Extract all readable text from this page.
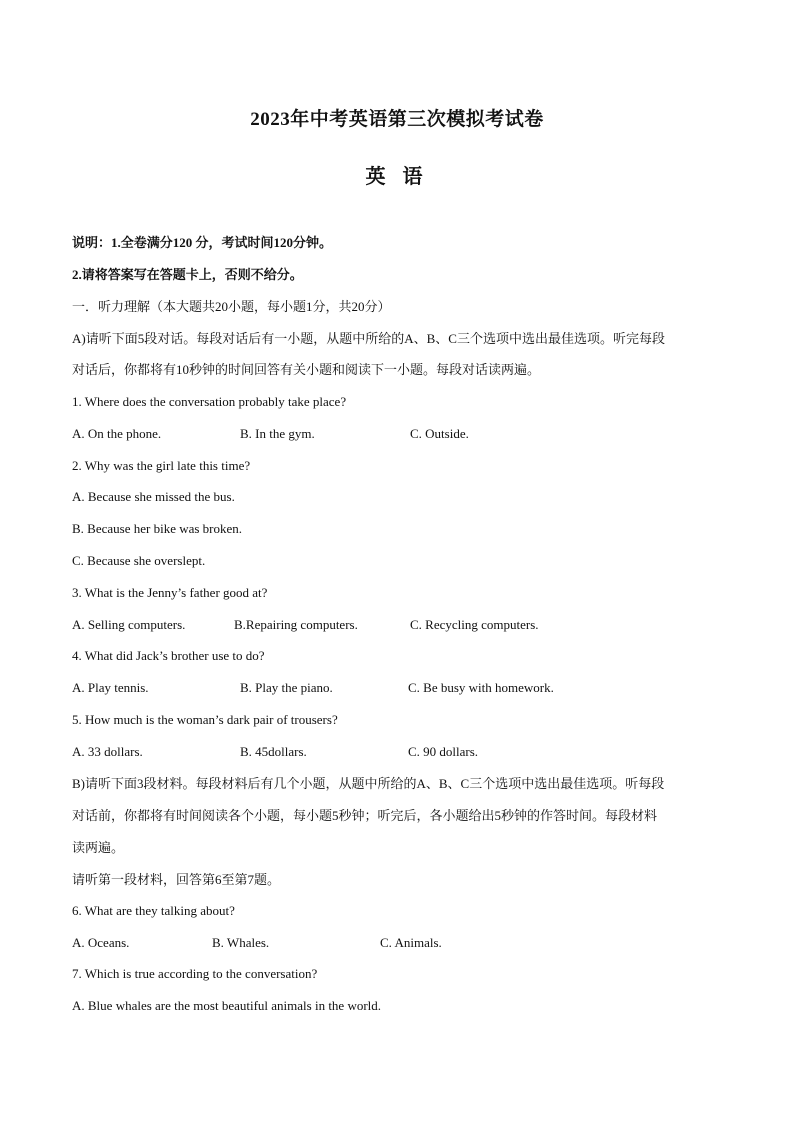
2023年中考英语第三次模拟考试卷
英 语
说明：1.全卷满分120 分，考试时间120分钟。
2.请将答案写在答题卡上，否则不给分。
一．听力理解（本大题共20小题，每小题1分，共20分）
A)请听下面5段对话。每段对话后有一小题，从题中所给的A、B、C三个选项中选出最佳选项。听完每段
对话后，你都将有10秒钟的时间回答有关小题和阅读下一小题。每段对话读两遍。
1. Where does the conversation probably take place?
A. On the phone.	B. In the gym.	C. Outside.
2. Why was the girl late this time?
A. Because she missed the bus.
B. Because her bike was broken.
C. Because she overslept.
3. What is the Jenny’s father good at?
A. Selling computers.	B.Repairing computers.	C. Recycling computers.
4. What did Jack’s brother use to do?
A. Play tennis.	B. Play the piano.	C. Be busy with homework.
5. How much is the woman’s dark pair of trousers?
A. 33 dollars.	B. 45dollars.	C. 90 dollars.
B)请听下面3段材料。每段材料后有几个小题，从题中所给的A、B、C三个选项中选出最佳选项。听每段
对话前，你都将有时间阅读各个小题，每小题5秒钟；听完后，各小题给出5秒钟的作答时间。每段材料
读两遍。
请听第一段材料，回答第6至第7题。
6. What are they talking about?
A. Oceans.	B. Whales.	C. Animals.
7. Which is true according to the conversation?
A. Blue whales are the most beautiful animals in the world.
